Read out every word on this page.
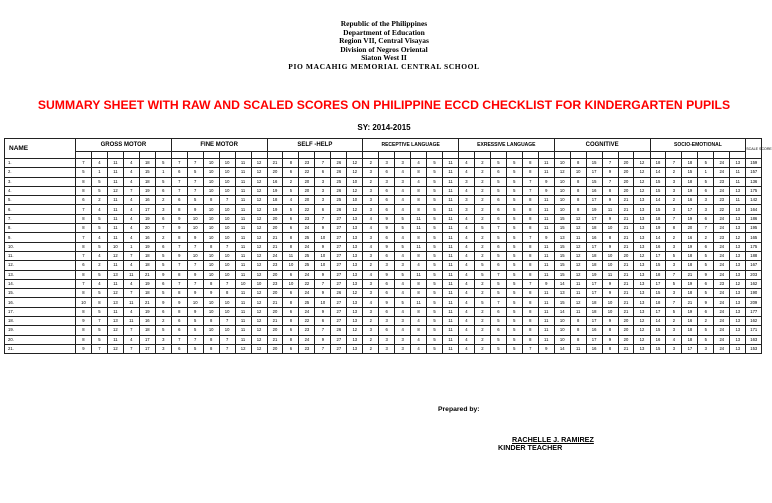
Republic of the Philippines
Department of Education
Region VII, Central Visayas
Division of Negros Oriental
Siaton West II
PIO MACAHIG MEMORIAL CENTRAL SCHOOL
SUMMARY SHEET WITH RAW AND SCALED SCORES ON PHILIPPINE ECCD CHECKLIST FOR KINDERGARTEN PUPILS
SY: 2014-2015
NAME	GROSS MOTOR						FINE MOTOR						SELF -HELP						RECEPTIVE LANGUAGE						EXRESSIVE LANGUAGE						COGNITIVE						SOCIO-EMOTIONAL						SCALE SCORE

1.	7	4	11	4	18	5	7	7	10	10	11	12	21	8	23	7	26	12	2	3	3	4	5	11	4	2	5	5	8	11	10	8	15	7	20	12	18	7	18	5	24	13	159
2.	5	1	11	4	15	1	6	5	10	10	11	12	20	6	22	6	26	12	3	6	4	8	5	11	4	2	6	5	8	11	12	10	17	9	20	12	14	2	15	1	24	11	157
3.	8	5	11	4	18	5	7	7	10	10	11	12	16	2	20	3	25	10	2	3	3	4	5	11	3	2	5	5	7	9	10	8	15	7	20	12	15	3	18	5	23	11	136
4.	8	5	12	7	19	6	7	7	10	10	11	12	19	5	20	3	26	12	3	6	4	8	5	11	4	2	5	5	7	9	10	8	16	8	20	12	15	3	19	6	24	13	175
5.	6	2	11	4	16	2	6	5	8	7	11	12	18	4	20	3	25	10	3	6	4	8	5	11	3	2	6	5	8	11	10	8	17	9	21	13	14	2	16	3	23	11	142
6.	7	4	11	4	17	3	8	9	10	10	11	12	19	5	22	6	26	12	3	6	4	8	5	11	3	2	6	5	8	11	10	8	19	11	21	13	15	3	17	3	22	10	164
7.	8	5	11	4	19	6	9	10	10	10	11	12	20	6	23	7	27	13	4	9	5	11	5	11	4	2	6	5	8	11	15	12	17	9	21	13	18	7	19	6	24	13	186
8.	8	5	11	4	20	7	9	10	10	10	11	12	20	6	24	9	27	13	4	9	5	11	5	11	4	5	7	5	8	11	15	12	18	10	21	13	19	8	20	7	24	13	195
9.	7	4	11	4	16	2	8	9	10	10	11	12	21	8	25	10	27	13	3	6	4	8	5	11	4	2	5	5	7	9	13	11	16	8	21	13	14	2	16	2	23	12	165
10.	8	5	10	1	19	6	7	7	8	7	11	12	21	8	24	9	27	13	4	9	5	11	5	11	4	2	6	5	8	11	15	12	17	9	21	13	16	3	19	6	24	13	175
11.	7	4	12	7	18	5	9	10	10	10	11	12	24	11	25	10	27	13	3	6	4	8	5	11	4	2	5	5	8	11	15	12	18	10	20	12	17	5	18	5	24	13	188
12.	6	2	11	4	18	5	7	7	10	10	11	12	23	10	25	10	27	13	2	3	3	4	5	11	4	5	6	5	8	11	15	12	18	10	21	13	15	3	18	5	24	13	167
13.	8	5	13	11	21	9	8	9	10	10	11	12	20	6	24	9	27	13	4	9	5	11	5	11	4	5	7	5	8	11	15	12	19	11	21	13	18	7	21	9	24	13	203
14.	7	4	11	4	19	6	7	7	8	7	10	10	23	10	22	7	27	13	3	6	4	8	5	11	4	2	5	5	7	9	14	11	17	9	21	13	17	5	19	6	23	12	162
15.	8	5	12	7	18	5	8	9	9	8	11	12	20	6	24	9	26	12	3	6	4	8	5	11	4	2	5	5	8	11	13	11	17	9	21	13	15	3	18	5	24	13	190
16.	10	8	13	11	21	9	9	10	10	10	11	12	21	8	25	10	27	13	4	9	5	11	5	11	4	5	7	5	8	11	15	12	18	10	21	13	18	7	21	9	24	13	209
17.	8	5	11	4	19	6	8	9	10	10	11	12	20	6	24	9	27	13	3	6	4	8	5	11	4	2	6	5	8	11	14	11	18	10	21	13	17	5	19	6	24	13	177
18.	9	7	13	11	16	2	6	5	8	7	11	12	21	8	22	6	27	13	2	3	3	4	5	11	4	2	5	5	8	11	10	8	17	9	20	12	14	2	16	2	24	13	162
19.	8	5	12	7	18	5	6	5	10	10	11	12	20	6	23	7	26	12	3	6	4	8	5	11	4	2	6	5	8	11	10	8	16	8	20	12	15	3	18	5	24	13	171
20.	8	5	11	4	17	3	7	7	8	7	11	12	21	8	24	9	27	13	2	3	3	4	5	11	4	2	5	5	8	11	10	8	17	9	20	12	16	4	18	5	24	13	163
21.	9	7	12	7	17	3	6	5	8	7	12	12	20	6	23	7	27	13	2	3	3	4	5	11	4	2	5	5	7	9	14	11	16	8	21	13	15	3	17	3	24	13	153
Prepared by:
RACHELLE J. RAMIREZ
KINDER TEACHER
